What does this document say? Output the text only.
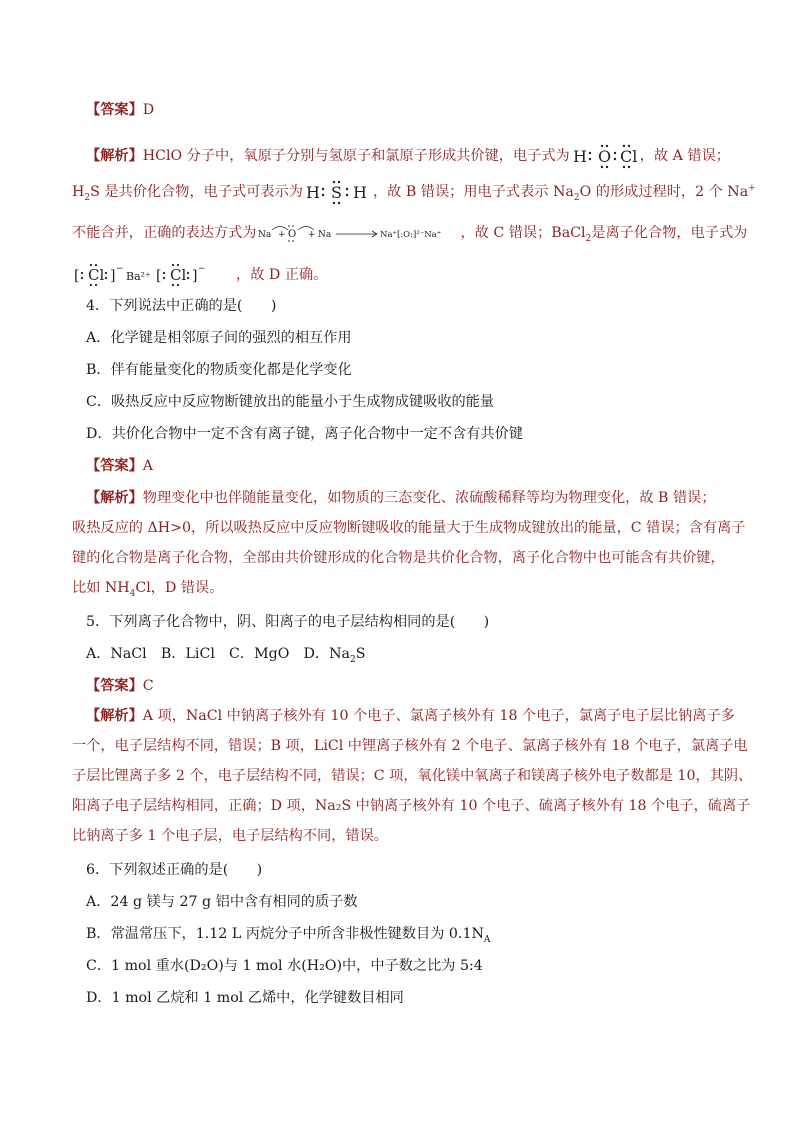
【答案】D
【解析】HClO 分子中，氧原子分别与氢原子和氯原子形成共价键，电子式为 H O Cl ，故 A 错误；
$H_2S$ 是共价化合物，电子式可表示为 H S H ，故 B 错误；用电子式表示 $Na_2O$ 的形成过程时，2 个 Na+
不能合并，正确的表达方式为 Na + O + Na	Na⁺[:O:]²⁻Na⁺ ，故 C 错误；BaCl$_2$是离子化合物，电子式为
[ Cl ] −
Ba²⁺ [ Cl ] − ，故 D 正确。
4．下列说法中正确的是(　　)
A．化学键是相邻原子间的强烈的相互作用
B．伴有能量变化的物质变化都是化学变化
C．吸热反应中反应物断键放出的能量小于生成物成键吸收的能量
D．共价化合物中一定不含有离子键，离子化合物中一定不含有共价键
【答案】A
【解析】物理变化中也伴随能量变化，如物质的三态变化、浓硫酸稀释等均为物理变化，故 B 错误；
吸热反应的 ΔH>0，所以吸热反应中反应物断键吸收的能量大于生成物成键放出的能量，C 错误；含有离子
键的化合物是离子化合物，全部由共价键形成的化合物是共价化合物，离子化合物中也可能含有共价键，
比如 $NH_4Cl$，D 错误。
5．下列离子化合物中，阴、阳离子的电子层结构相同的是(　　)
A．NaCl　B．LiCl　C．MgO　D．$Na_2S$
【答案】C
【解析】A 项，NaCl 中钠离子核外有 10 个电子、氯离子核外有 18 个电子，氯离子电子层比钠离子多
一个，电子层结构不同，错误；B 项，LiCl 中锂离子核外有 2 个电子、氯离子核外有 18 个电子，氯离子电
子层比锂离子多 2 个，电子层结构不同，错误；C 项，氧化镁中氧离子和镁离子核外电子数都是 10，其阴、
阳离子电子层结构相同，正确；D 项，Na₂S 中钠离子核外有 10 个电子、硫离子核外有 18 个电子，硫离子
比钠离子多 1 个电子层，电子层结构不同，错误。
6．下列叙述正确的是(　　)
A．24 g 镁与 27 g 铝中含有相同的质子数
B．常温常压下，1.12 L 丙烷分子中所含非极性键数目为 $0.1N_A$
C．1 mol 重水(D₂O)与 1 mol 水(H₂O)中，中子数之比为 5:4
D．1 mol 乙烷和 1 mol 乙烯中，化学键数目相同
